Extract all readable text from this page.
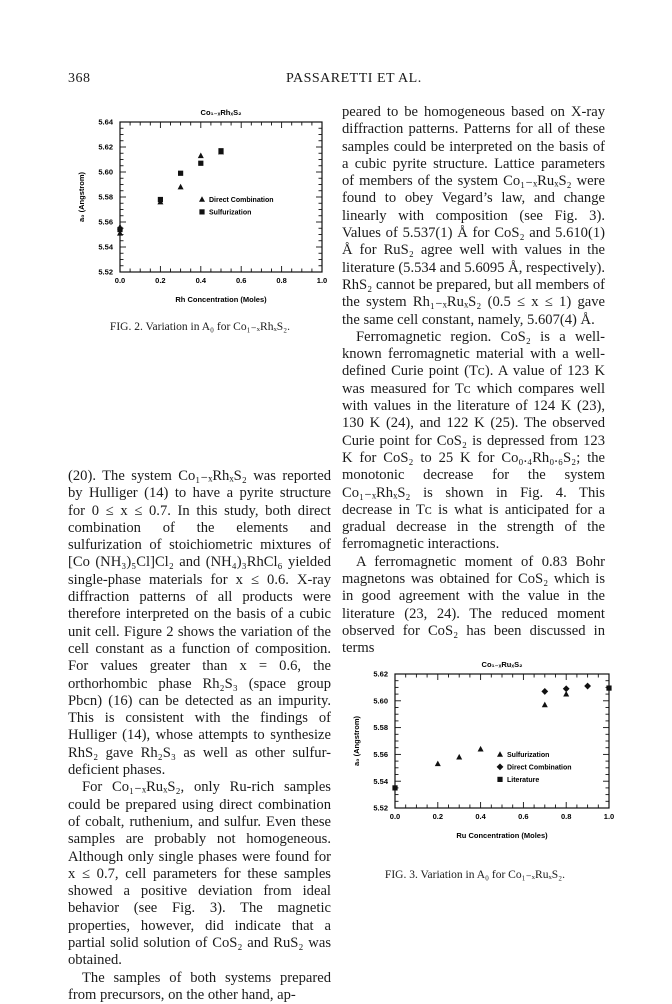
368	PASSARETTI ET AL.
Co₁₋ₓRhₓS₂
0.0	0.2	0.4	0.6	0.8	1.0
5.52
5.54
5.56
5.58
5.60
5.62
5.64
Rh Concentration (Moles)
a₀ (Angstrom)	Direct Combination
Sulfurization
FIG. 2. Variation in A₀ for Co₁₋ₓRhₓS₂.

(20). The system Co₁₋ₓRhₓS₂ was reported by Hulliger (14) to have a pyrite structure for 0 ≤ x ≤ 0.7. In this study, both direct combination of the elements and sulfurization of stoichiometric mixtures of [Co (NH₃)₅Cl]Cl₂ and (NH₄)₃RhCl₆ yielded single-phase materials for x ≤ 0.6. X-ray diffraction patterns of all products were therefore interpreted on the basis of a cubic unit cell. Figure 2 shows the variation of the cell constant as a function of composition. For values greater than x = 0.6, the orthorhombic phase Rh₂S₃ (space group Pbcn) (16) can be detected as an impurity. This is consistent with the findings of Hulliger (14), whose attempts to synthesize RhS₂ gave Rh₂S₃ as well as other sulfur-deficient phases.

For Co₁₋ₓRuₓS₂, only Ru-rich samples could be prepared using direct combination of cobalt, ruthenium, and sulfur. Even these samples are probably not homogeneous. Although only single phases were found for x ≤ 0.7, cell parameters for these samples showed a positive deviation from ideal behavior (see Fig. 3). The magnetic properties, however, did indicate that a partial solid solution of CoS₂ and RuS₂ was obtained.

The samples of both systems prepared from precursors, on the other hand, ap-

peared to be homogeneous based on X-ray diffraction patterns. Patterns for all of these samples could be interpreted on the basis of a cubic pyrite structure. Lattice parameters of members of the system Co₁₋ₓRuₓS₂ were found to obey Vegard’s law, and change linearly with composition (see Fig. 3). Values of 5.537(1) Å for CoS₂ and 5.610(1) Å for RuS₂ agree well with values in the literature (5.534 and 5.6095 Å, respectively). RhS₂ cannot be prepared, but all members of the system Rh₁₋ₓRuₓS₂ (0.5 ≤ x ≤ 1) gave the same cell constant, namely, 5.607(4) Å.

Ferromagnetic region. CoS₂ is a well-known ferromagnetic material with a well-defined Curie point (Tᴄ). A value of 123 K was measured for Tᴄ which compares well with values in the literature of 124 K (23), 130 K (24), and 122 K (25). The observed Curie point for CoS₂ is depressed from 123 K for CoS₂ to 25 K for Co₀.₄Rh₀.₆S₂; the monotonic decrease for the system Co₁₋ₓRhₓS₂ is shown in Fig. 4. This decrease in Tᴄ is what is anticipated for a gradual decrease in the strength of the ferromagnetic interactions.

A ferromagnetic moment of 0.83 Bohr magnetons was obtained for CoS₂ which is in good agreement with the value in the literature (23, 24). The reduced moment observed for CoS₂ has been discussed in terms

Co₁₋ₓRuₓS₂
0.0	0.2	0.4	0.6	0.8	1.0
5.52
5.54
5.56
5.58
5.60
5.62
Ru Concentration (Moles)
a₀ (Angstrom)	Sulfurization
Direct Combination
Literature
FIG. 3. Variation in A₀ for Co₁₋ₓRuₓS₂.
